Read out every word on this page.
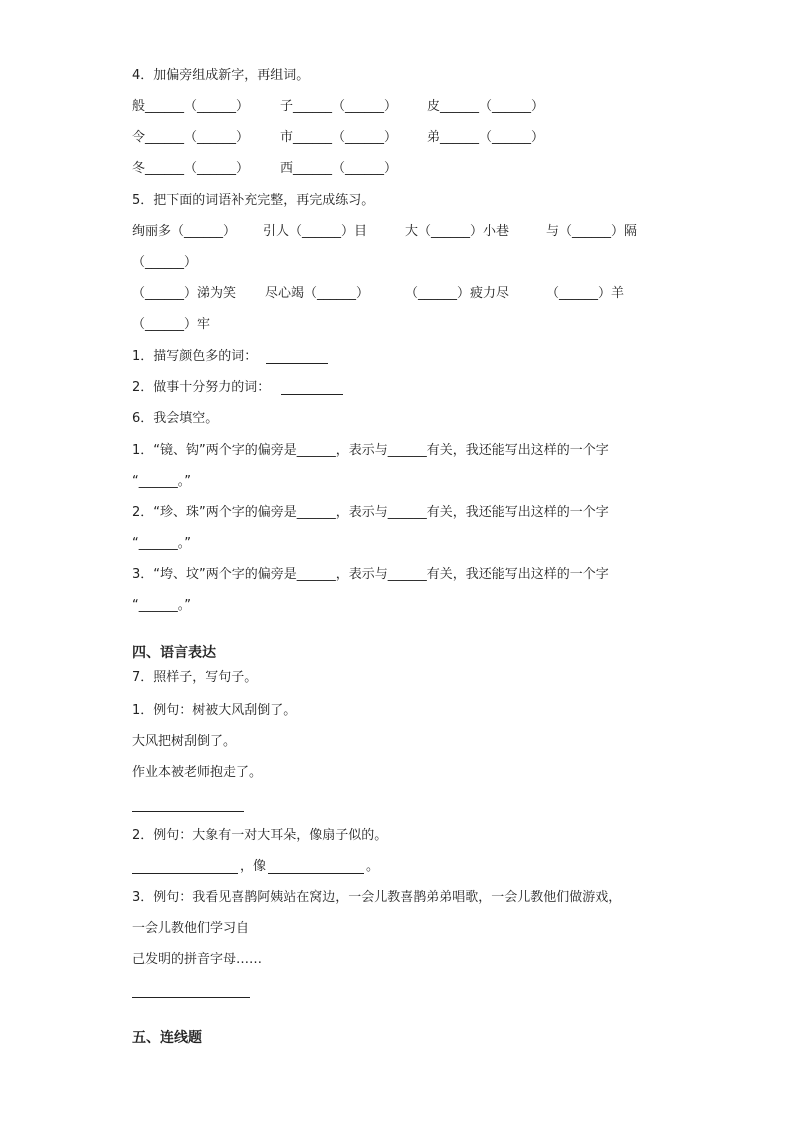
4．加偏旁组成新字，再组词。
般______（______） 子______（______） 皮______（______）
令______（______） 市______（______） 弟______（______）
冬______（______） 西______（______）
5．把下面的词语补充完整，再完成练习。
绚丽多（______） 引人（______）目	大（______）小巷	与（______）隔
（______）
（______）涕为笑 尽心竭（______）	（______）疲力尽	（______）羊
（______）牢
1．描写颜色多的词：
2．做事十分努力的词：
6．我会填空。
1．“镜、钩”两个字的偏旁是______，表示与______有关，我还能写出这样的一个字
“______。”
2．“珍、珠”两个字的偏旁是______，表示与______有关，我还能写出这样的一个字
“______。”
3．“垮、坟”两个字的偏旁是______，表示与______有关，我还能写出这样的一个字
“______。”
四、语言表达
7．照样子，写句子。
1．例句：树被大风刮倒了。
大风把树刮倒了。
作业本被老师抱走了。
2．例句：大象有一对大耳朵，像扇子似的。
，像	。
3．例句：我看见喜鹊阿姨站在窝边，一会儿教喜鹊弟弟唱歌，一会儿教他们做游戏，
一会儿教他们学习自
己发明的拼音字母……
五、连线题
